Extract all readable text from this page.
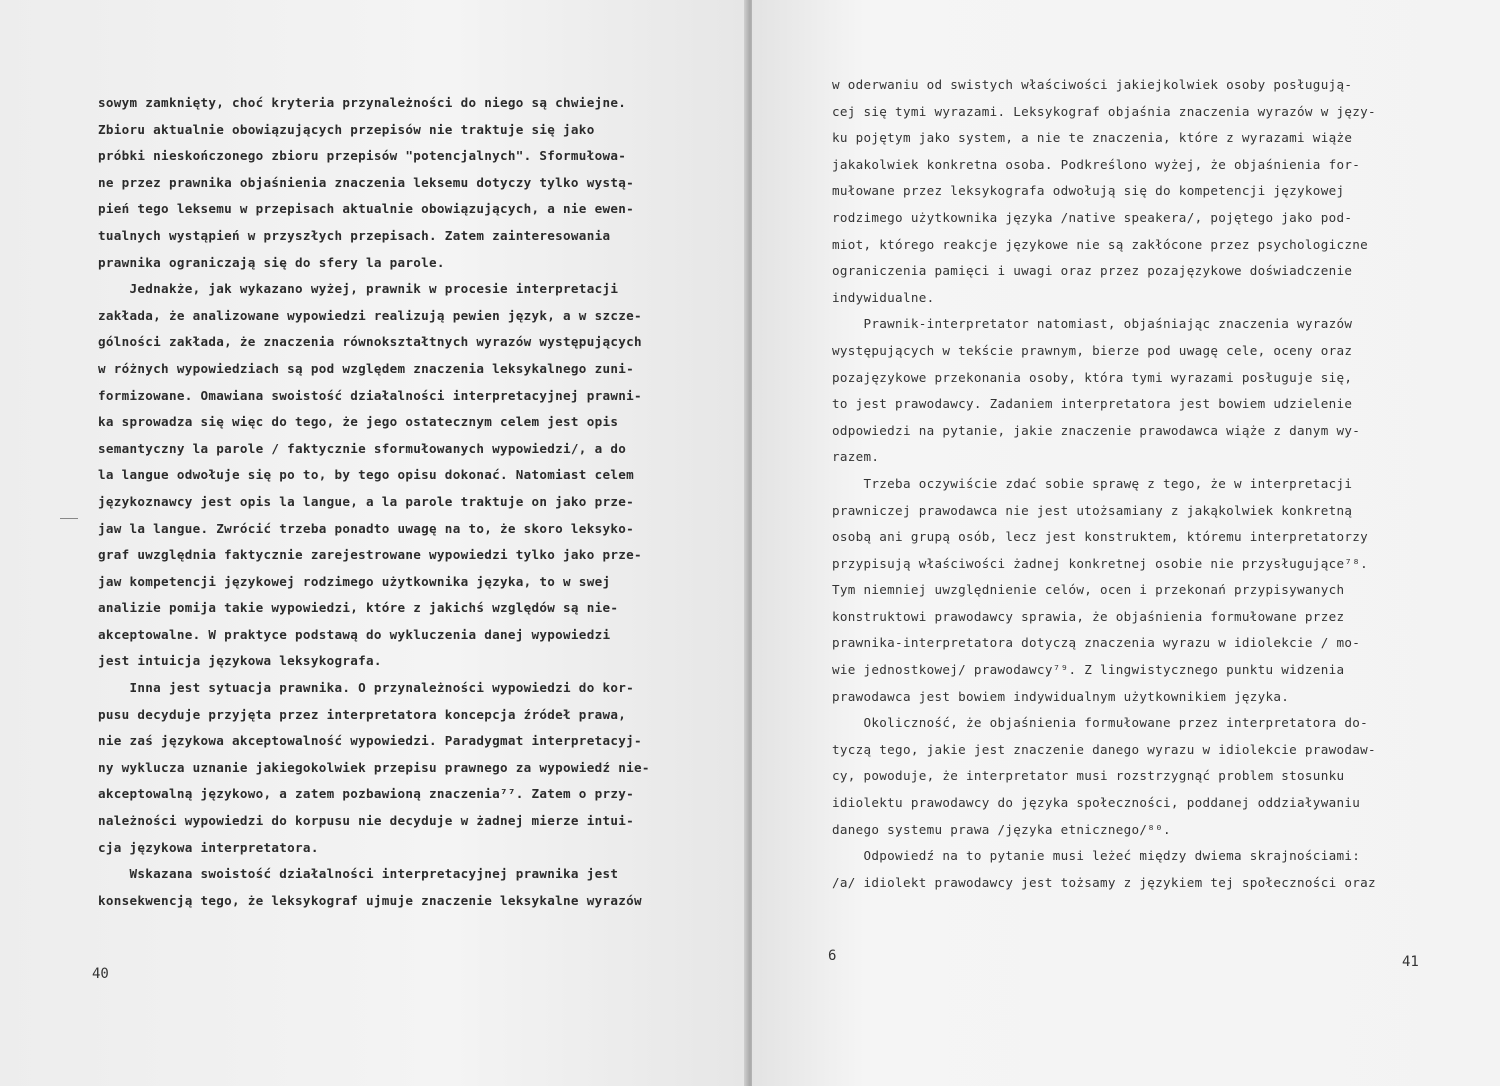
sowym zamknięty, choć kryteria przynależności do niego są chwiejne.
Zbioru aktualnie obowiązujących przepisów nie traktuje się jako
próbki nieskończonego zbioru przepisów "potencjalnych". Sformułowa-
ne przez prawnika objaśnienia znaczenia leksemu dotyczy tylko wystą-
pień tego leksemu w przepisach aktualnie obowiązujących, a nie ewen-
tualnych wystąpień w przyszłych przepisach. Zatem zainteresowania
prawnika ograniczają się do sfery la parole.
Jednakże, jak wykazano wyżej, prawnik w procesie interpretacji
zakłada, że analizowane wypowiedzi realizują pewien język, a w szcze-
gólności zakłada, że znaczenia równokształtnych wyrazów występujących
w różnych wypowiedziach są pod względem znaczenia leksykalnego zuni-
formizowane. Omawiana swoistość działalności interpretacyjnej prawni-
ka sprowadza się więc do tego, że jego ostatecznym celem jest opis
semantyczny la parole / faktycznie sformułowanych wypowiedzi/, a do
la langue odwołuje się po to, by tego opisu dokonać. Natomiast celem
językoznawcy jest opis la langue, a la parole traktuje on jako prze-
jaw la langue. Zwrócić trzeba ponadto uwagę na to, że skoro leksyko-
graf uwzględnia faktycznie zarejestrowane wypowiedzi tylko jako prze-
jaw kompetencji językowej rodzimego użytkownika języka, to w swej
analizie pomija takie wypowiedzi, które z jakichś względów są nie-
akceptowalne. W praktyce podstawą do wykluczenia danej wypowiedzi
jest intuicja językowa leksykografa.
Inna jest sytuacja prawnika. O przynależności wypowiedzi do kor-
pusu decyduje przyjęta przez interpretatora koncepcja źródeł prawa,
nie zaś językowa akceptowalność wypowiedzi. Paradygmat interpretacyj-
ny wyklucza uznanie jakiegokolwiek przepisu prawnego za wypowiedź nie-
akceptowalną językowo, a zatem pozbawioną znaczenia⁷⁷. Zatem o przy-
należności wypowiedzi do korpusu nie decyduje w żadnej mierze intui-
cja językowa interpretatora.
Wskazana swoistość działalności interpretacyjnej prawnika jest
konsekwencją tego, że leksykograf ujmuje znaczenie leksykalne wyrazów
40
w oderwaniu od swistych właściwości jakiejkolwiek osoby posługują-
cej się tymi wyrazami. Leksykograf objaśnia znaczenia wyrazów w języ-
ku pojętym jako system, a nie te znaczenia, które z wyrazami wiąże
jakakolwiek konkretna osoba. Podkreślono wyżej, że objaśnienia for-
mułowane przez leksykografa odwołują się do kompetencji językowej
rodzimego użytkownika języka /native speakera/, pojętego jako pod-
miot, którego reakcje językowe nie są zakłócone przez psychologiczne
ograniczenia pamięci i uwagi oraz przez pozajęzykowe doświadczenie
indywidualne.
Prawnik-interpretator natomiast, objaśniając znaczenia wyrazów
występujących w tekście prawnym, bierze pod uwagę cele, oceny oraz
pozajęzykowe przekonania osoby, która tymi wyrazami posługuje się,
to jest prawodawcy. Zadaniem interpretatora jest bowiem udzielenie
odpowiedzi na pytanie, jakie znaczenie prawodawca wiąże z danym wy-
razem.
Trzeba oczywiście zdać sobie sprawę z tego, że w interpretacji
prawniczej prawodawca nie jest utożsamiany z jakąkolwiek konkretną
osobą ani grupą osób, lecz jest konstruktem, któremu interpretatorzy
przypisują właściwości żadnej konkretnej osobie nie przysługujące⁷⁸.
Tym niemniej uwzględnienie celów, ocen i przekonań przypisywanych
konstruktowi prawodawcy sprawia, że objaśnienia formułowane przez
prawnika-interpretatora dotyczą znaczenia wyrazu w idiolekcie / mo-
wie jednostkowej/ prawodawcy⁷⁹. Z lingwistycznego punktu widzenia
prawodawca jest bowiem indywidualnym użytkownikiem języka.
Okoliczność, że objaśnienia formułowane przez interpretatora do-
tyczą tego, jakie jest znaczenie danego wyrazu w idiolekcie prawodaw-
cy, powoduje, że interpretator musi rozstrzygnąć problem stosunku
idiolektu prawodawcy do języka społeczności, poddanej oddziaływaniu
danego systemu prawa /języka etnicznego/⁸⁰.
Odpowiedź na to pytanie musi leżeć między dwiema skrajnościami:
/a/ idiolekt prawodawcy jest tożsamy z językiem tej społeczności oraz
6	41
